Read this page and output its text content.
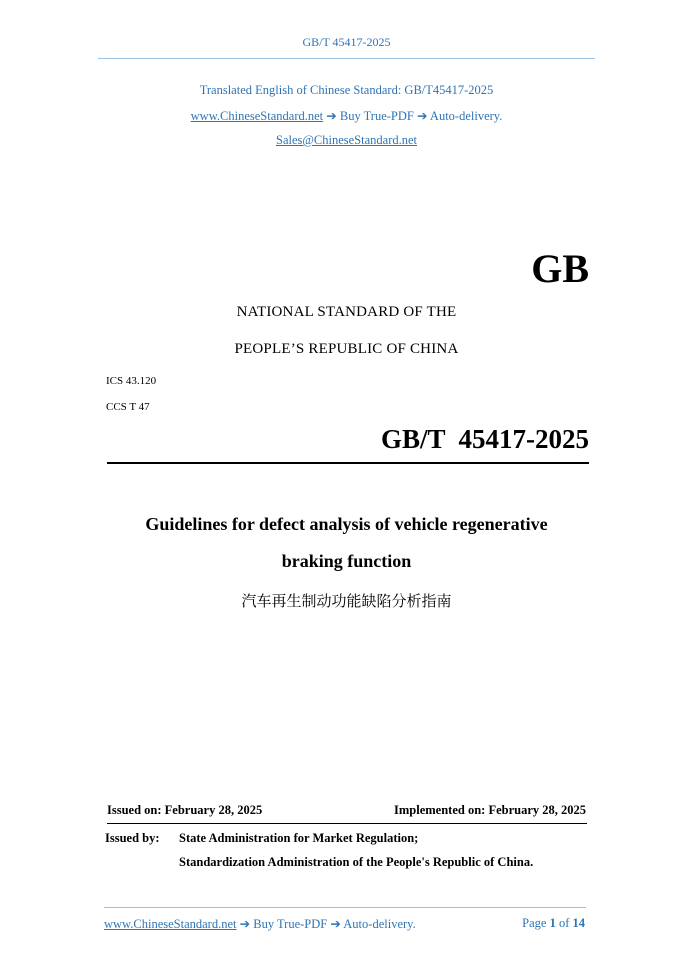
GB/T 45417-2025
Translated English of Chinese Standard: GB/T45417-2025
www.ChineseStandard.net ➔ Buy True-PDF ➔ Auto-delivery.
Sales@ChineseStandard.net
GB
NATIONAL STANDARD OF THE
PEOPLE’S REPUBLIC OF CHINA
ICS 43.120
CCS T 47
GB/T  45417-2025
Guidelines for defect analysis of vehicle regenerative
braking function
汽车再生制动功能缺陷分析指南
Issued on: February 28, 2025	Implemented on: February 28, 2025
Issued by: State Administration for Market Regulation;
Standardization Administration of the People's Republic of China.
www.ChineseStandard.net ➔ Buy True-PDF ➔ Auto-delivery.	Page 1 of 14
